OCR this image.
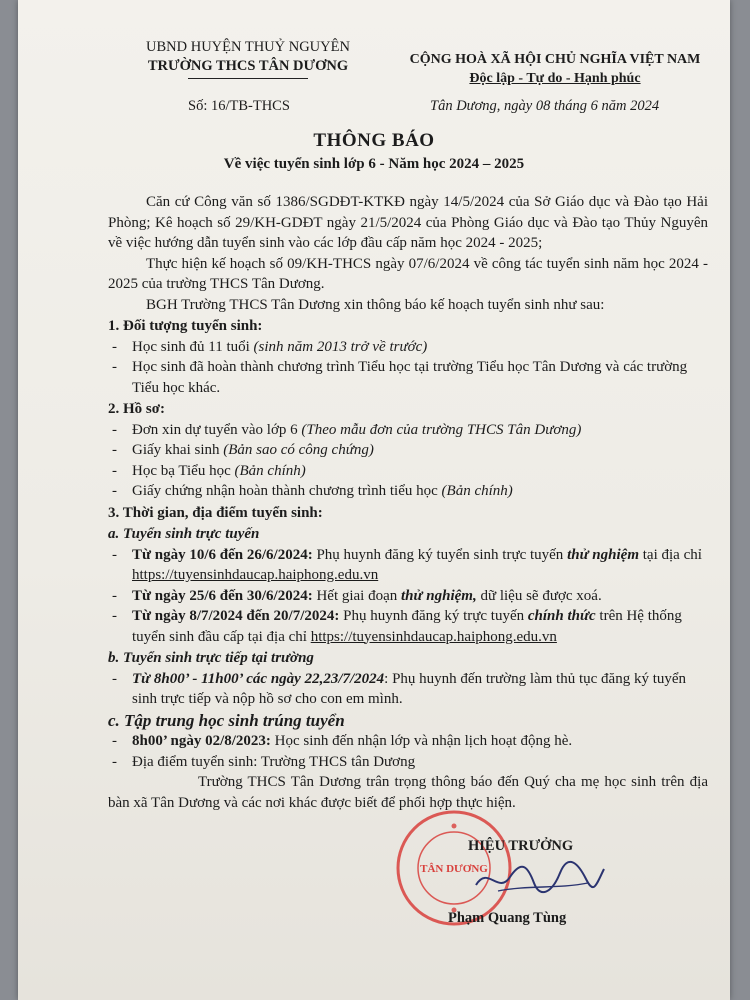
UBND HUYỆN THUỶ NGUYÊN
TRƯỜNG THCS TÂN DƯƠNG	CỘNG HOÀ XÃ HỘI CHỦ NGHĨA VIỆT NAM
Độc lập - Tự do - Hạnh phúc
Số: 16/TB-THCS	Tân Dương, ngày 08 tháng 6 năm 2024
THÔNG BÁO
Về việc tuyển sinh lớp 6 - Năm học 2024 – 2025

Căn cứ Công văn số 1386/SGDĐT-KTKĐ ngày 14/5/2024 của Sở Giáo dục và Đào tạo Hải Phòng; Kê hoạch số 29/KH-GDĐT ngày 21/5/2024 của Phòng Giáo dục và Đào tạo Thủy Nguyên về việc hướng dẫn tuyển sinh vào các lớp đầu cấp năm học 2024 - 2025;

Thực hiện kế hoạch số 09/KH-THCS ngày 07/6/2024 về công tác tuyển sinh năm học 2024 - 2025 của trường THCS Tân Dương.

BGH Trường THCS Tân Dương xin thông báo kế hoạch tuyển sinh như sau:

1. Đối tượng tuyển sinh:

- Học sinh đủ 11 tuổi (sinh năm 2013 trở về trước)

- Học sinh đã hoàn thành chương trình Tiểu học tại trường Tiểu học Tân Dương và các trường Tiểu học khác.

2. Hồ sơ:

- Đơn xin dự tuyển vào lớp 6 (Theo mẫu đơn của trường THCS Tân Dương)

- Giấy khai sinh (Bản sao có công chứng)

- Học bạ Tiểu học (Bản chính)

- Giấy chứng nhận hoàn thành chương trình tiểu học (Bản chính)

3. Thời gian, địa điểm tuyển sinh:

a. Tuyển sinh trực tuyến

- Từ ngày 10/6 đến 26/6/2024: Phụ huynh đăng ký tuyển sinh trực tuyến thử nghiệm tại địa chỉ https://tuyensinhdaucap.haiphong.edu.vn

- Từ ngày 25/6 đến 30/6/2024: Hết giai đoạn thử nghiệm, dữ liệu sẽ được xoá.

- Từ ngày 8/7/2024 đến 20/7/2024: Phụ huynh đăng ký trực tuyến chính thức trên Hệ thống tuyển sinh đầu cấp tại địa chỉ https://tuyensinhdaucap.haiphong.edu.vn

b. Tuyển sinh trực tiếp tại trường

- Từ 8h00’ - 11h00’ các ngày 22,23/7/2024: Phụ huynh đến trường làm thủ tục đăng ký tuyển sinh trực tiếp và nộp hồ sơ cho con em mình.

c. Tập trung học sinh trúng tuyển

- 8h00’ ngày 02/8/2023: Học sinh đến nhận lớp và nhận lịch hoạt động hè.

- Địa điểm tuyển sinh: Trường THCS tân Dương

Trường THCS Tân Dương trân trọng thông báo đến Quý cha mẹ học sinh trên địa bàn xã Tân Dương và các nơi khác được biết để phối hợp thực hiện.

TÂN DƯƠNG
HIỆU TRƯỞNG
Phạm Quang Tùng
